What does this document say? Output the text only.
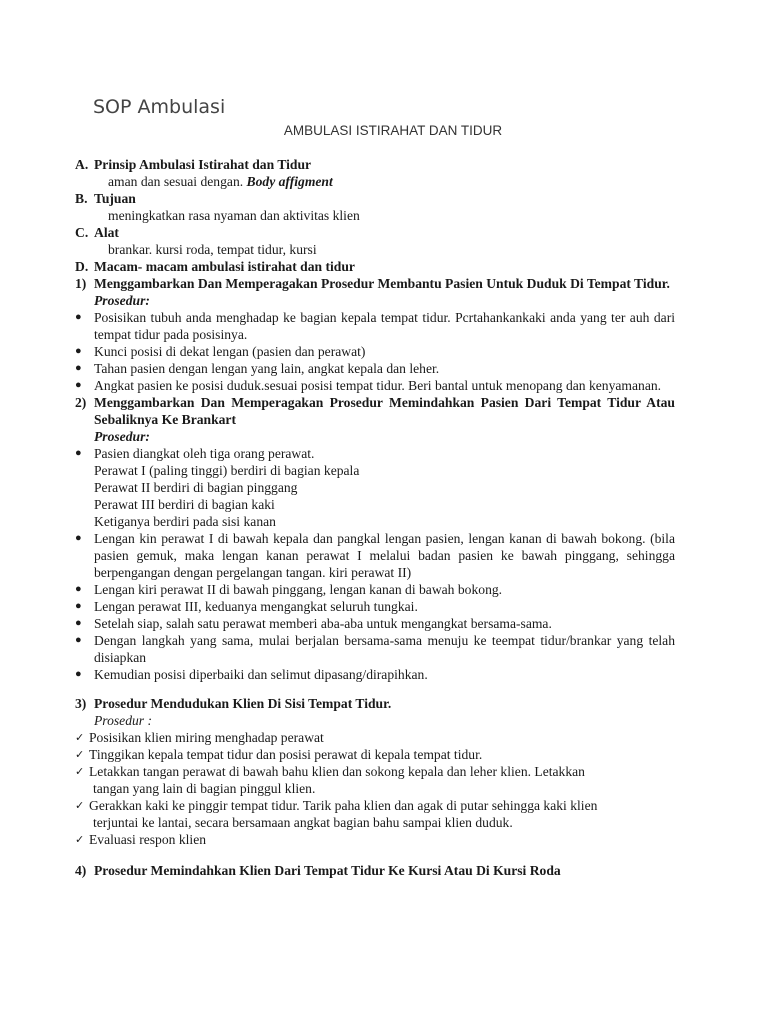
SOP Ambulasi
AMBULASI ISTIRAHAT DAN TIDUR
A. Prinsip Ambulasi Istirahat dan Tidur
aman dan sesuai dengan. Body affigment
B. Tujuan
meningkatkan rasa nyaman dan aktivitas klien
C. Alat
brankar. kursi roda, tempat tidur, kursi
D. Macam- macam ambulasi istirahat dan tidur
1) Menggambarkan Dan Memperagakan Prosedur Membantu Pasien Untuk Duduk Di Tempat Tidur.
Prosedur:
● Posisikan tubuh anda menghadap ke bagian kepala tempat tidur. Pcrtahankankaki anda yang ter auh dari tempat tidur pada posisinya.
● Kunci posisi di dekat lengan (pasien dan perawat)
● Tahan pasien dengan lengan yang lain, angkat kepala dan leher.
● Angkat pasien ke posisi duduk.sesuai posisi tempat tidur. Beri bantal untuk menopang dan kenyamanan.
2) Menggambarkan Dan Memperagakan Prosedur Memindahkan Pasien Dari Tempat Tidur Atau Sebaliknya Ke Brankart
Prosedur:
● Pasien diangkat oleh tiga orang perawat.
Perawat I (paling tinggi) berdiri di bagian kepala
Perawat II berdiri di bagian pinggang
Perawat III berdiri di bagian kaki
Ketiganya berdiri pada sisi kanan
● Lengan kin perawat I di bawah kepala dan pangkal lengan pasien, lengan kanan di bawah bokong. (bila pasien gemuk, maka lengan kanan perawat I melalui badan pasien ke bawah pinggang, sehingga berpengangan dengan pergelangan tangan. kiri perawat II)
● Lengan kiri perawat II di bawah pinggang, lengan kanan di bawah bokong.
● Lengan perawat III, keduanya mengangkat seluruh tungkai.
● Setelah siap, salah satu perawat memberi aba-aba untuk mengangkat bersama-sama.
● Dengan langkah yang sama, mulai berjalan bersama-sama menuju ke teempat tidur/brankar yang telah disiapkan
● Kemudian posisi diperbaiki dan selimut dipasang/dirapihkan.
3) Prosedur Mendudukan Klien Di Sisi Tempat Tidur.
Prosedur :
✓ Posisikan klien miring menghadap perawat
✓ Tinggikan kepala tempat tidur dan posisi perawat di kepala tempat tidur.
✓ Letakkan tangan perawat di bawah bahu klien dan sokong kepala dan leher klien. Letakkan
tangan yang lain di bagian pinggul klien.
✓ Gerakkan kaki ke pinggir tempat tidur. Tarik paha klien dan agak di putar sehingga kaki klien
terjuntai ke lantai, secara bersamaan angkat bagian bahu sampai klien duduk.
✓ Evaluasi respon klien
4) Prosedur Memindahkan Klien Dari Tempat Tidur Ke Kursi Atau Di Kursi Roda
